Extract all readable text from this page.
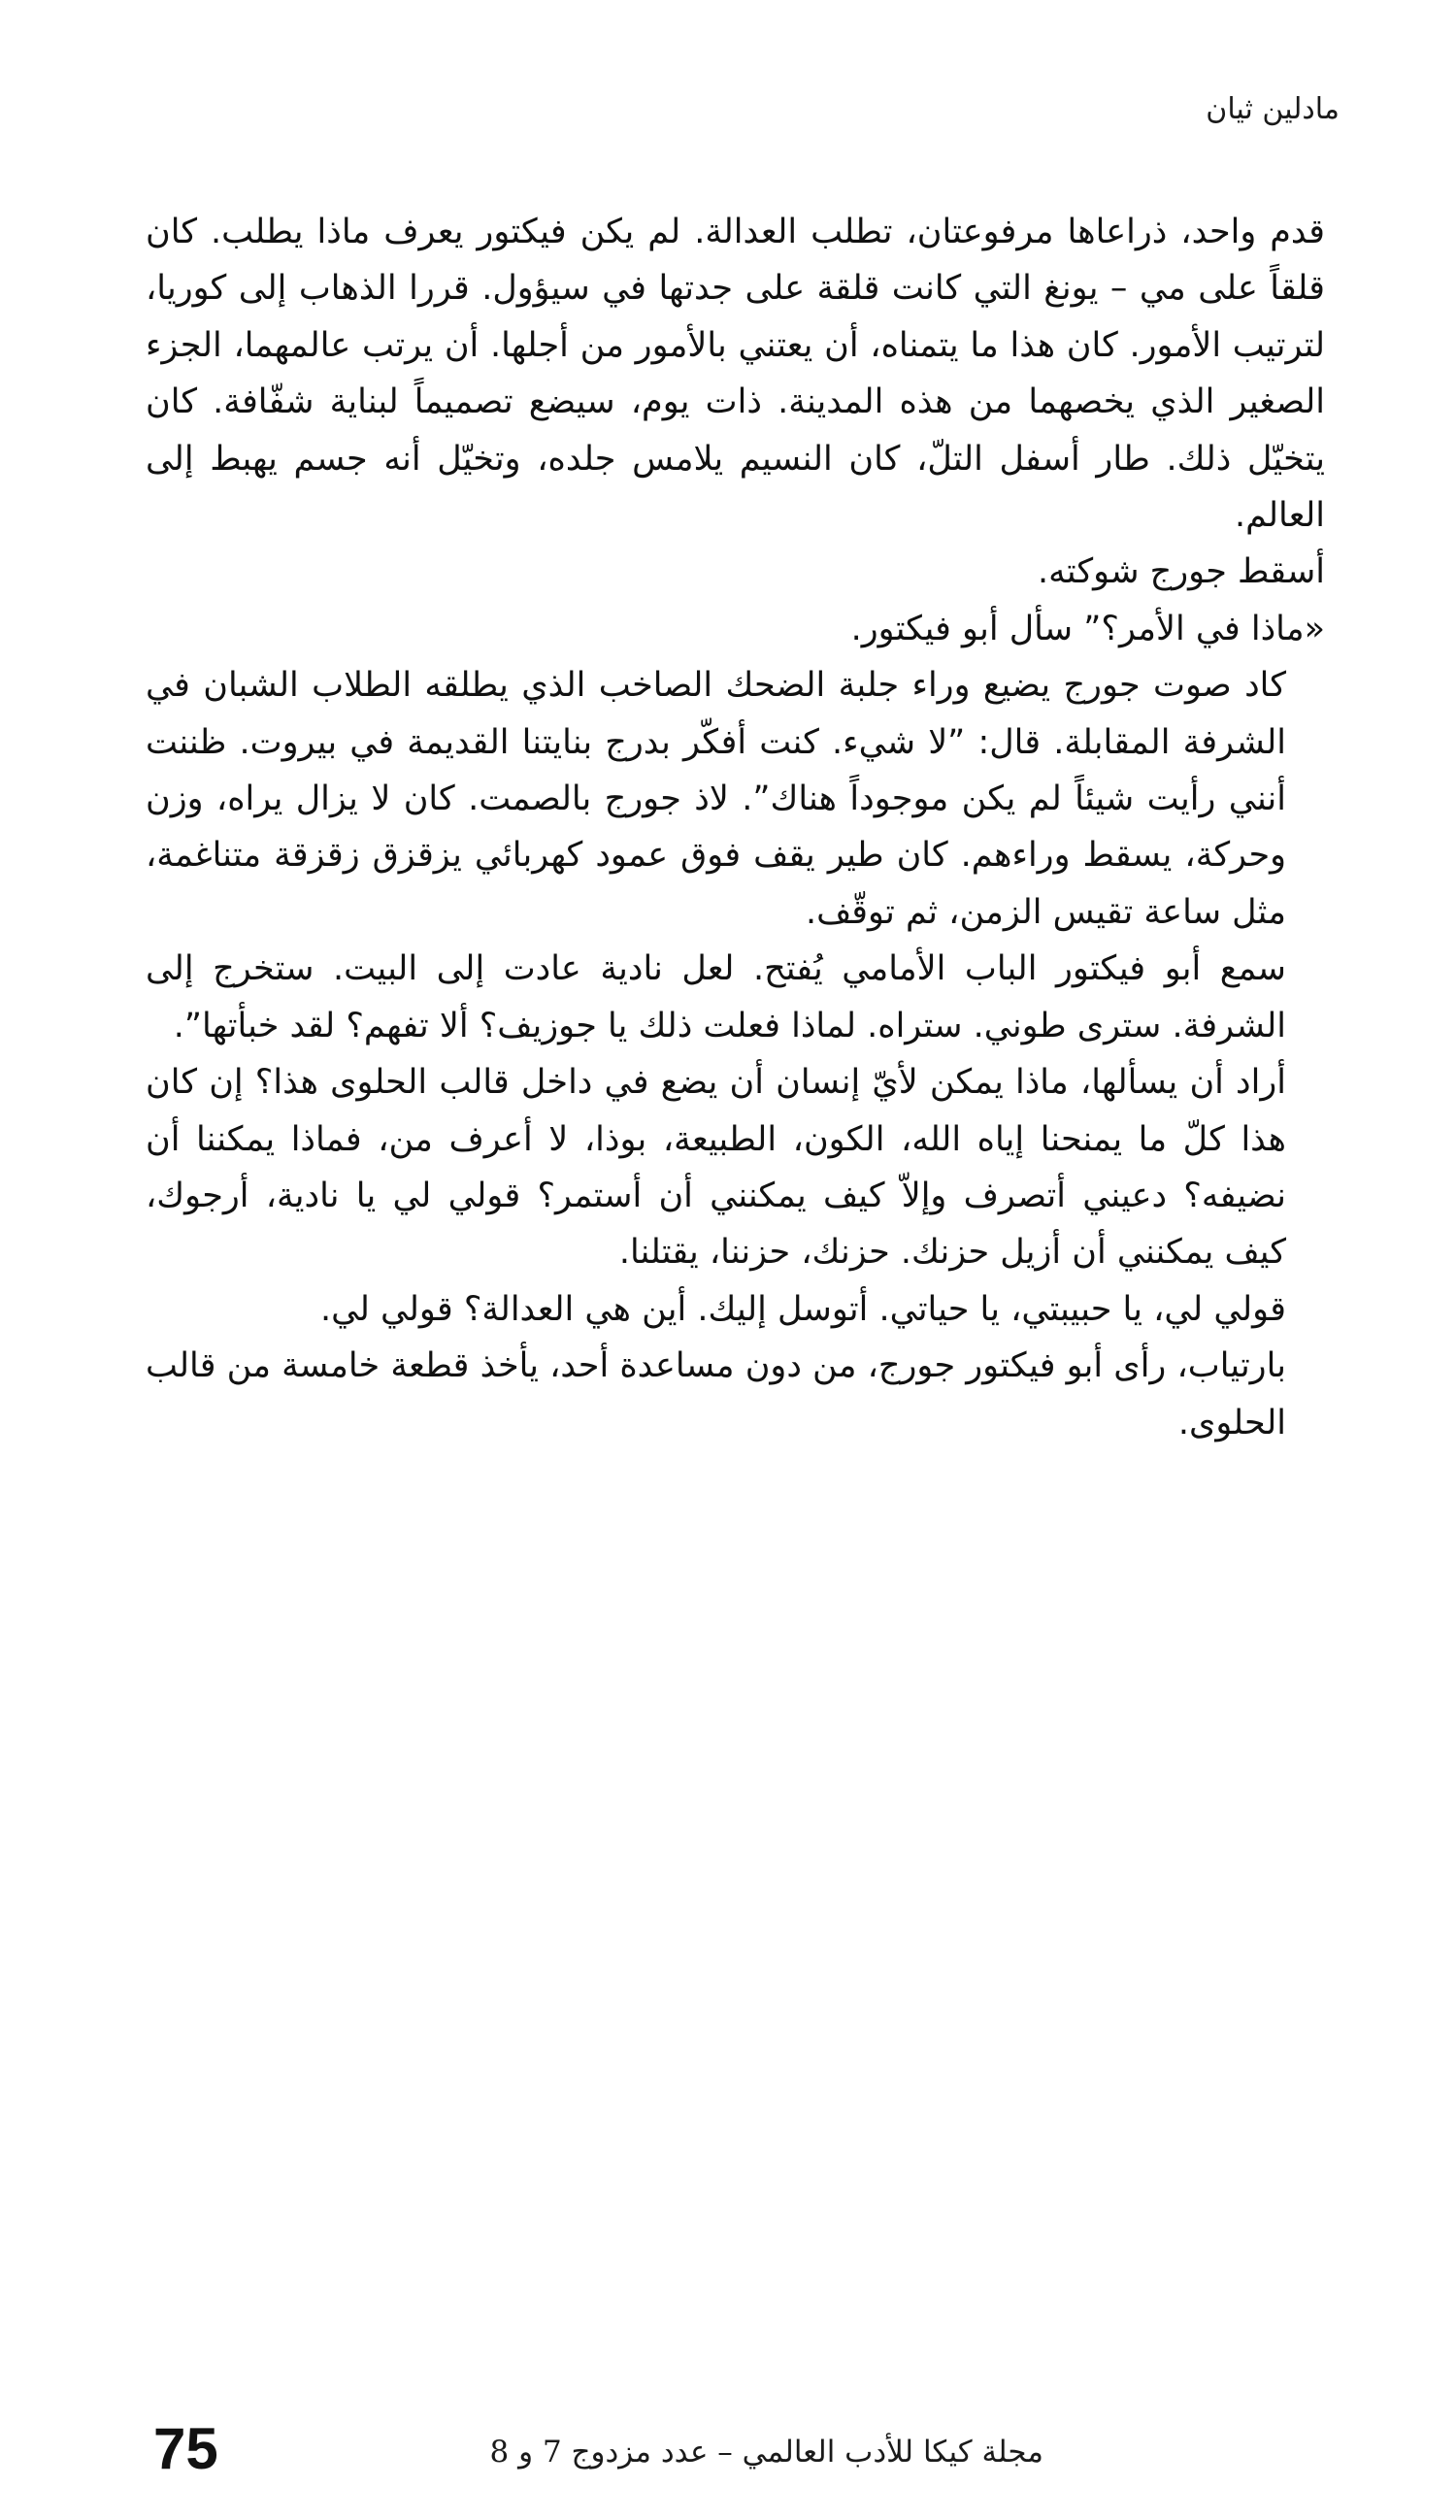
مادلين ثيان

قدم واحد، ذراعاها مرفوعتان، تطلب العدالة. لم يكن فيكتور يعرف ماذا يطلب. كان قلقاً على مي – يونغ التي كانت قلقة على جدتها في سيؤول. قررا الذهاب إلى كوريا، لترتيب الأمور. كان هذا ما يتمناه، أن يعتني بالأمور من أجلها. أن يرتب عالمهما، الجزء الصغير الذي يخصهما من هذه المدينة. ذات يوم، سيضع تصميماً لبناية شفّافة. كان يتخيّل ذلك. طار أسفل التلّ، كان النسيم يلامس جلده، وتخيّل أنه جسم يهبط إلى العالم.

أسقط جورج شوكته.

«ماذا في الأمر؟” سأل أبو فيكتور.

كاد صوت جورج يضيع وراء جلبة الضحك الصاخب الذي يطلقه الطلاب الشبان في الشرفة المقابلة. قال: ”لا شيء. كنت أفكّر بدرج بنايتنا القديمة في بيروت. ظننت أنني رأيت شيئاً لم يكن موجوداً هناك”. لاذ جورج بالصمت. كان لا يزال يراه، وزن وحركة، يسقط وراءهم. كان طير يقف فوق عمود كهربائي يزقزق زقزقة متناغمة، مثل ساعة تقيس الزمن، ثم توقّف.

سمع أبو فيكتور الباب الأمامي يُفتح. لعل نادية عادت إلى البيت. ستخرج إلى الشرفة. سترى طوني. ستراه. لماذا فعلت ذلك يا جوزيف؟ ألا تفهم؟ لقد خبأتها”.

أراد أن يسألها، ماذا يمكن لأيّ إنسان أن يضع في داخل قالب الحلوى هذا؟ إن كان هذا كلّ ما يمنحنا إياه الله، الكون، الطبيعة، بوذا، لا أعرف من، فماذا يمكننا أن نضيفه؟ دعيني أتصرف وإلاّ كيف يمكنني أن أستمر؟ قولي لي يا نادية، أرجوك، كيف يمكنني أن أزيل حزنك. حزنك، حزننا، يقتلنا.

قولي لي، يا حبيبتي، يا حياتي. أتوسل إليك. أين هي العدالة؟ قولي لي.

بارتياب، رأى أبو فيكتور جورج، من دون مساعدة أحد، يأخذ قطعة خامسة من قالب الحلوى.

مجلة كيكا للأدب العالمي – عدد مزدوج 7 و 8
75
